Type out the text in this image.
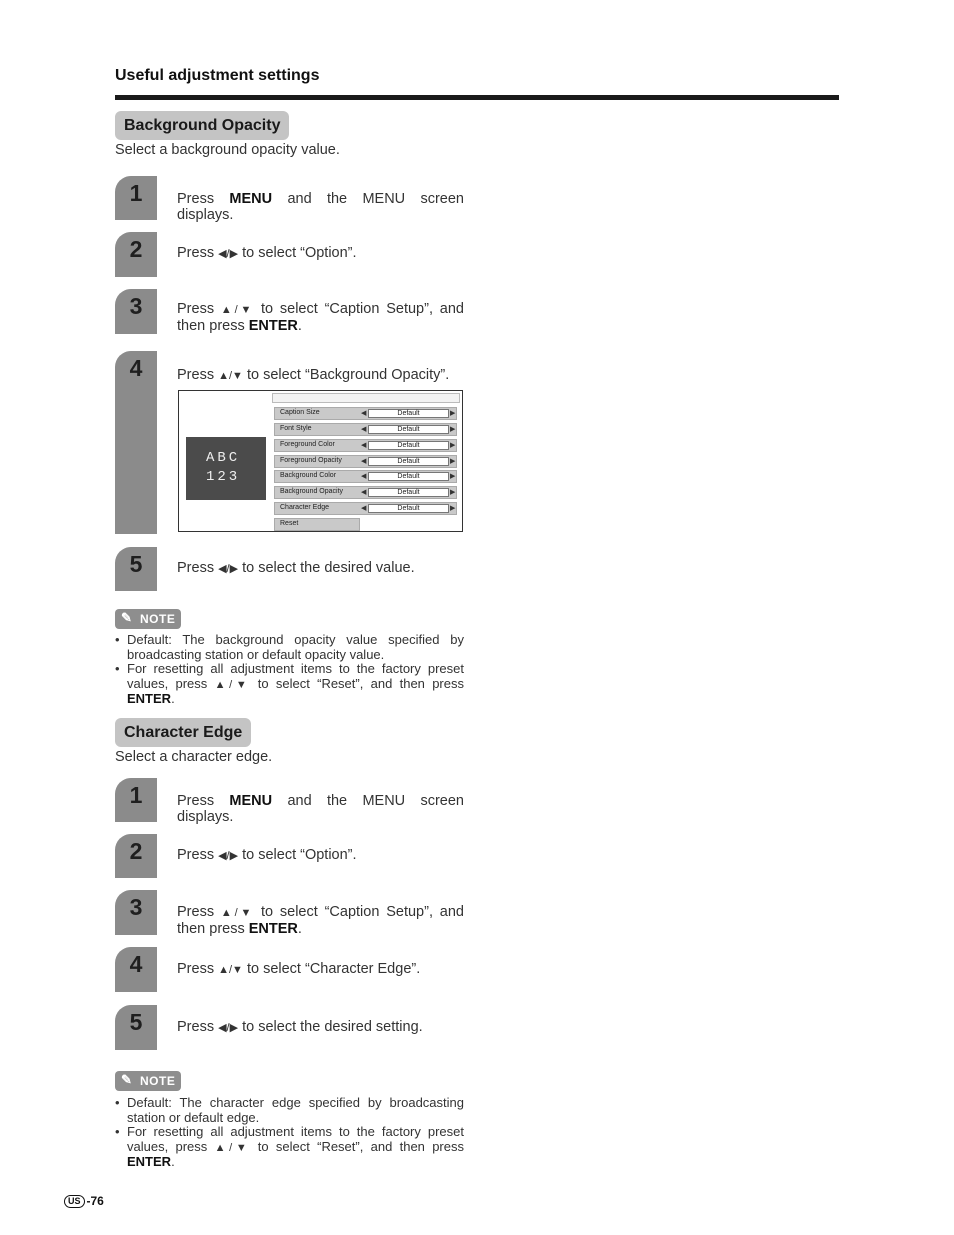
Useful adjustment settings
Background Opacity
Select a background opacity value.
1
2
3
4
5
Press MENU and the MENU screen displays.
Press ◀/▶ to select “Option”.
Press ▲/▼ to select “Caption Setup”, and then press ENTER.
Press ▲/▼ to select “Background Opacity”.
Press ◀/▶ to select the desired value.
ABC
123
Caption Size	◀	Default	▶
Font Style	◀	Default	▶
Foreground Color	◀	Default	▶
Foreground Opacity	◀	Default	▶
Background Color	◀	Default	▶
Background Opacity	◀	Default	▶
Character Edge	◀	Default	▶
Reset
✎ NOTE
• Default: The background opacity value specified by broadcasting station or default opacity value.
• For resetting all adjustment items to the factory preset values, press ▲/▼ to select “Reset”, and then press ENTER.
Character Edge
Select a character edge.
1
2
3
4
5
Press MENU and the MENU screen displays.
Press ◀/▶ to select “Option”.
Press ▲/▼ to select “Caption Setup”, and then press ENTER.
Press ▲/▼ to select “Character Edge”.
Press ◀/▶ to select the desired setting.
✎ NOTE
• Default: The character edge specified by broadcasting station or default edge.
• For resetting all adjustment items to the factory preset values, press ▲/▼ to select “Reset”, and then press ENTER.
US -76
